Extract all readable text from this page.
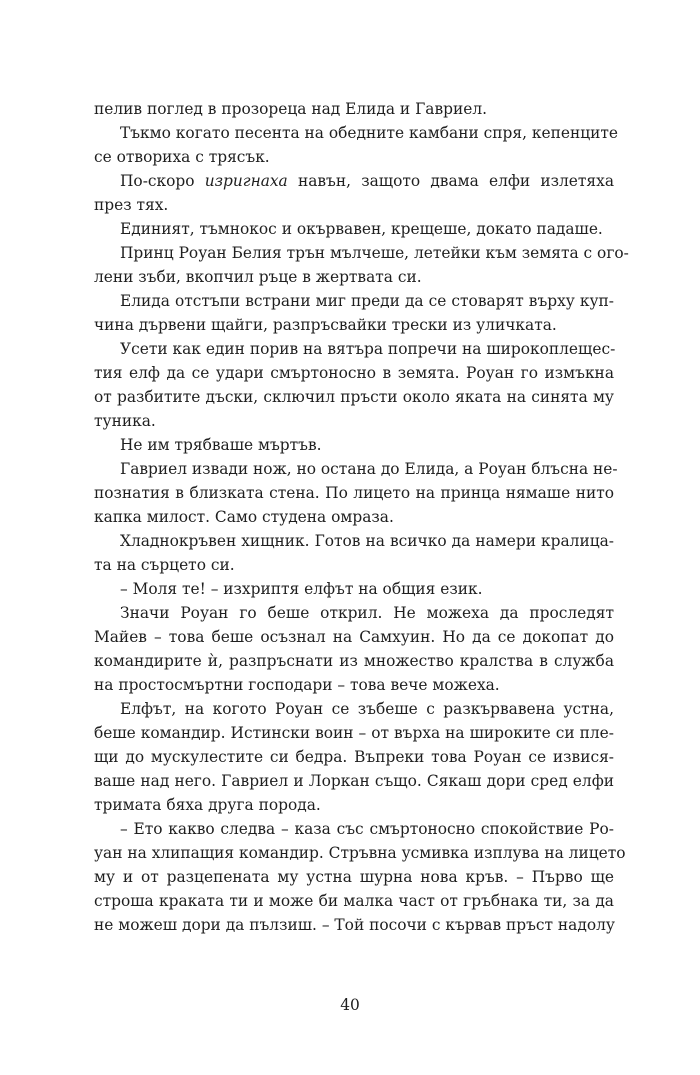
пелив поглед в прозореца над Елида и Гавриел.
Тъкмо когато песента на обедните камбани спря, кепенците
се отвориха с трясък.
По-скоро изригнаха навън, защото двама елфи излетяха
през тях.
Единият, тъмнокос и окървавен, крещеше, докато падаше.
Принц Роуан Белия трън мълчеше, летейки към земята с ого-
лени зъби, вкопчил ръце в жертвата си.
Елида отстъпи встрани миг преди да се стоварят върху куп-
чина дървени щайги, разпръсвайки трески из уличката.
Усети как един порив на вятъра попречи на широкоплещес-
тия елф да се удари смъртоносно в земята. Роуан го измъкна
от разбитите дъски, сключил пръсти около яката на синята му
туника.
Не им трябваше мъртъв.
Гавриел извади нож, но остана до Елида, а Роуан блъсна не-
познатия в близката стена. По лицето на принца нямаше нито
капка милост. Само студена омраза.
Хладнокръвен хищник. Готов на всичко да намери кралица-
та на сърцето си.
– Моля те! – изхриптя елфът на общия език.
Значи Роуан го беше открил. Не можеха да проследят
Майев – това беше осъзнал на Самхуин. Но да се докопат до
командирите ѝ, разпръснати из множество кралства в служба
на простосмъртни господари – това вече можеха.
Елфът, на когото Роуан се зъбеше с разкървавена устна,
беше командир. Истински воин – от върха на широките си пле-
щи до мускулестите си бедра. Въпреки това Роуан се извися-
ваше над него. Гавриел и Лоркан също. Сякаш дори сред елфи
тримата бяха друга порода.
– Ето какво следва – каза със смъртоносно спокойствие Ро-
уан на хлипащия командир. Стръвна усмивка изплува на лицето
му и от разцепената му устна шурна нова кръв. – Първо ще
строша краката ти и може би малка част от гръбнака ти, за да
не можеш дори да пълзиш. – Той посочи с кървав пръст надолу
40
